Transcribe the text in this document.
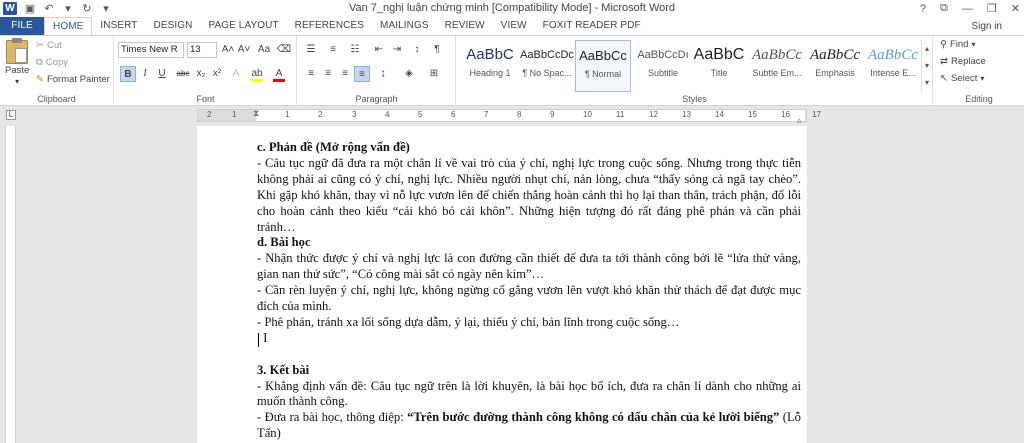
W ▣ ↶ ▾ ↻ ▾	Van 7_nghị luận chứng minh [Compatibility Mode] - Microsoft Word	? ⧉ — ❐ ✕
FILE	HOME	INSERT	DESIGN	PAGE LAYOUT	REFERENCES	MAILINGS	REVIEW	VIEW	FOXIT READER PDF	Sign in
Paste
▾
✂ Cut
⧉ Copy
✎ Format Painter
Clipboard
Times New R	13	A˄ A˅ Aa ⌫
B	I	U	abc x₂ x²	A	ab	A
Font
☰	≡	☷	⇤ ⇥	↕	¶
≡	≡	≡	≡	↨	◈	⊞
Paragraph
AaBbC
Heading 1
AaBbCcDc
¶ No Spac...
AaBbCc
¶ Normal
AaBbCcDı
Subtitle
AaBbC
Title
AaBbCc
Subtle Em...
AaBbCc
Emphasis
AaBbCc
Intense E...
▴
▾
▾
Styles
⚲ Find ▾
⇄ Replace
↖ Select ▾
Editing
L	2	1	1	2	3	4	5	6	7	8	9	10	11	12	13	14	15	16	17
⧗
▵

c. Phản đề (Mở rộng vấn đề)

- Câu tục ngữ đã đưa ra một chân lí về vai trò của ý chí, nghị lực trong cuộc sống. Nhưng trong thực tiễn không phải ai cũng có ý chí, nghị lực. Nhiều người nhụt chí, nản lòng, chưa “thấy sóng cả ngã tay chèo”. Khi gặp khó khăn, thay vì nỗ lực vươn lên để chiến thắng hoàn cảnh thì họ lại than thân, trách phận, đổ lỗi cho hoàn cảnh theo kiểu “cái khó bó cái khôn”. Những hiện tượng đó rất đáng phê phán và cần phải tránh…

d. Bài học

- Nhận thức được ý chí và nghị lực là con đường cần thiết để đưa ta tới thành công bởi lẽ “lửa thử vàng, gian nan thử sức”, “Có công mài sắt có ngày nên kim”…

- Cần rèn luyện ý chí, nghị lực, không ngừng cố gắng vươn lên vượt khó khăn thử thách để đạt được mục đích của mình.

- Phê phán, tránh xa lối sống dựa dẫm, ỷ lại, thiếu ý chí, bản lĩnh trong cuộc sống…

3. Kết bài

- Khẳng định vấn đề: Câu tục ngữ trên là lời khuyên, là bài học bổ ích, đưa ra chân lí dành cho những ai muốn thành công.

- Đưa ra bài học, thông điệp: “Trên bước đường thành công không có dấu chân của kẻ lười biếng” (Lỗ Tấn)

I
